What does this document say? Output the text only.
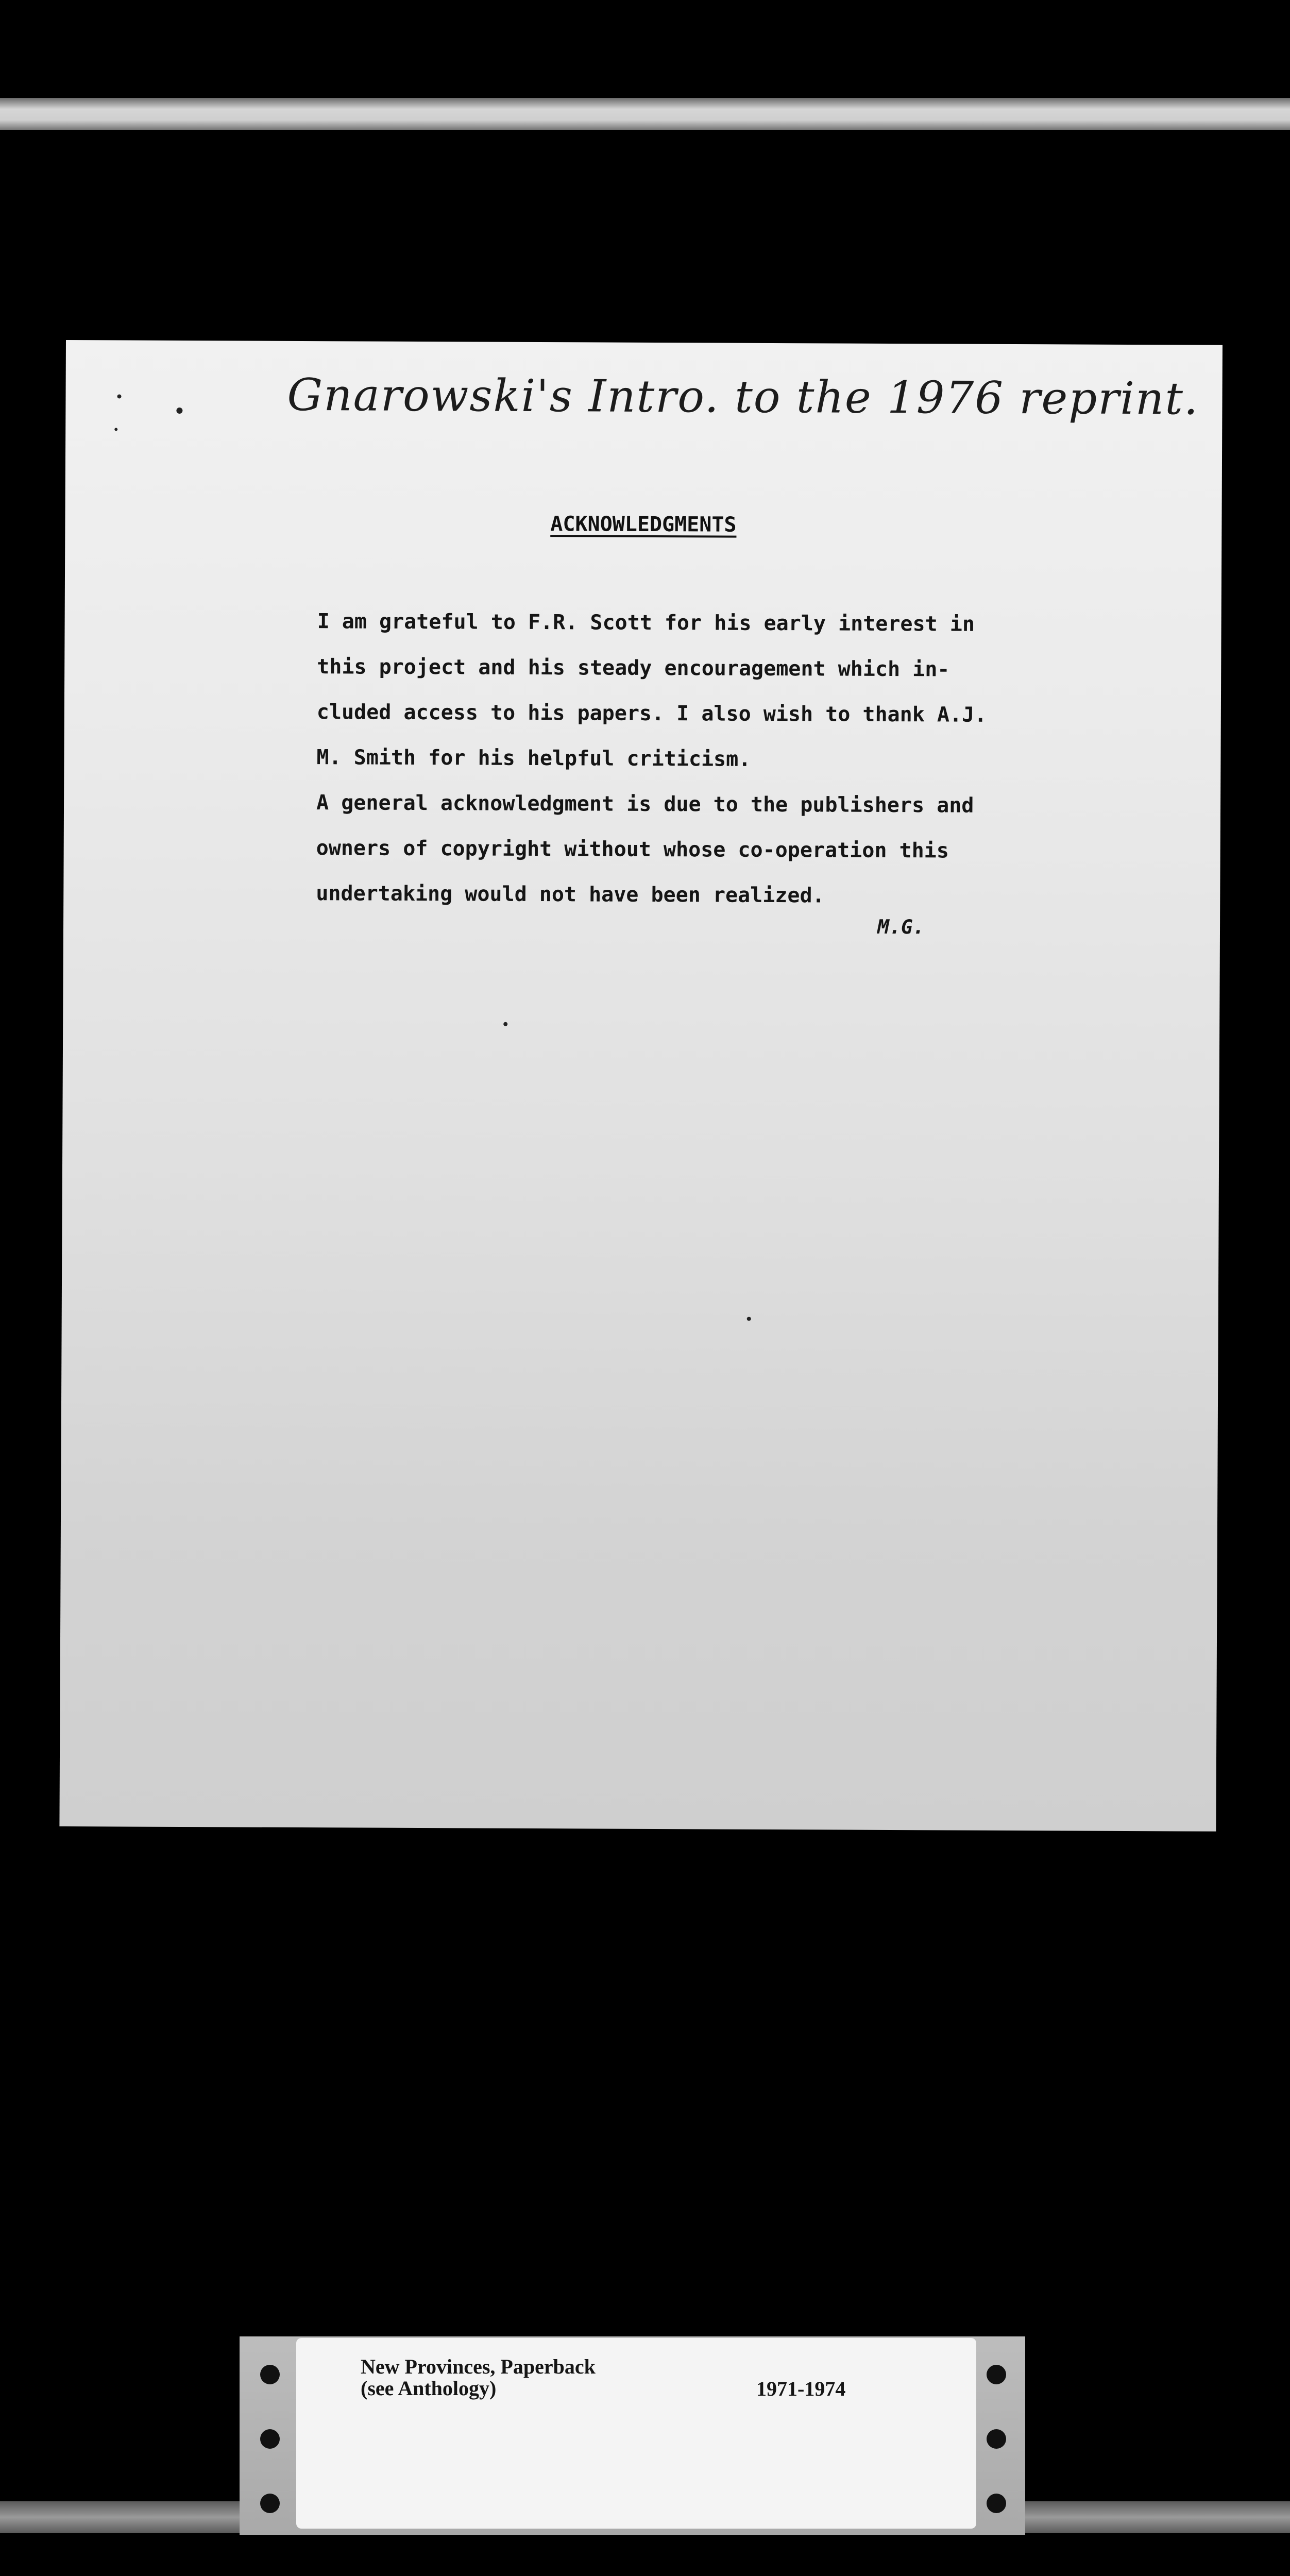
Gnarowski's Intro. to the 1976 reprint.
ACKNOWLEDGMENTS

I am grateful to F.R. Scott for his early interest in

this project and his steady encouragement which in-

cluded access to his papers. I also wish to thank A.J.

M. Smith for his helpful criticism.

A general acknowledgment is due to the publishers and

owners of copyright without whose co-operation this

undertaking would not have been realized.

M.G.
New Provinces, Paperback
(see Anthology)	1971-1974
